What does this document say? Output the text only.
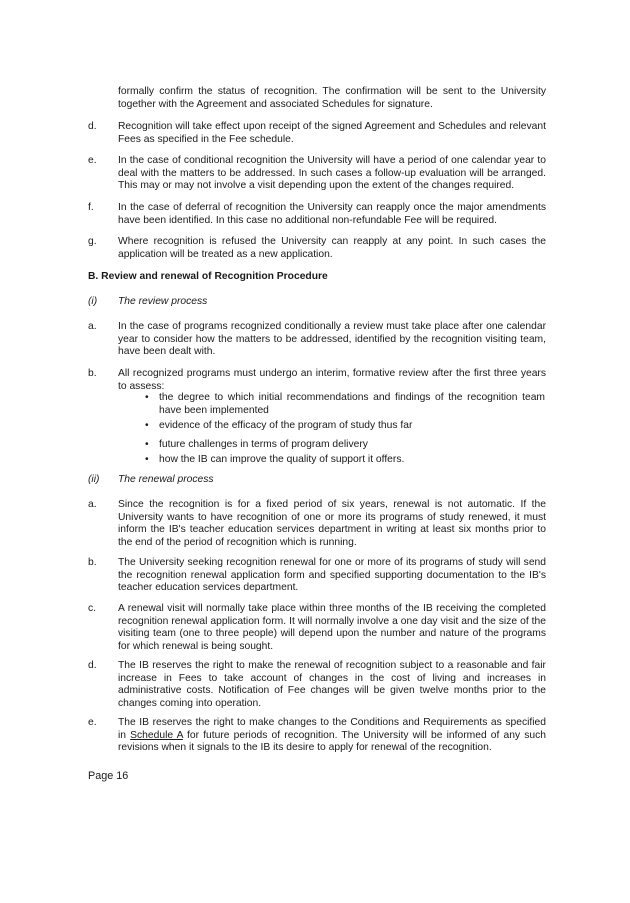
formally confirm the status of recognition. The confirmation will be sent to the University together with the Agreement and associated Schedules for signature.

d. Recognition will take effect upon receipt of the signed Agreement and Schedules and relevant Fees as specified in the Fee schedule.

e. In the case of conditional recognition the University will have a period of one calendar year to deal with the matters to be addressed. In such cases a follow-up evaluation will be arranged. This may or may not involve a visit depending upon the extent of the changes required.

f. In the case of deferral of recognition the University can reapply once the major amendments have been identified. In this case no additional non-refundable Fee will be required.

g. Where recognition is refused the University can reapply at any point. In such cases the application will be treated as a new application.

B. Review and renewal of Recognition Procedure

(i) The review process

a. In the case of programs recognized conditionally a review must take place after one calendar year to consider how the matters to be addressed, identified by the recognition visiting team, have been dealt with.

b. All recognized programs must undergo an interim, formative review after the first three years to assess:

• the degree to which initial recommendations and findings of the recognition team have been implemented
• evidence of the efficacy of the program of study thus far
• future challenges in terms of program delivery
• how the IB can improve the quality of support it offers.

(ii) The renewal process

a. Since the recognition is for a fixed period of six years, renewal is not automatic. If the University wants to have recognition of one or more its programs of study renewed, it must inform the IB's teacher education services department in writing at least six months prior to the end of the period of recognition which is running.

b. The University seeking recognition renewal for one or more of its programs of study will send the recognition renewal application form and specified supporting documentation to the IB's teacher education services department.

c. A renewal visit will normally take place within three months of the IB receiving the completed recognition renewal application form. It will normally involve a one day visit and the size of the visiting team (one to three people) will depend upon the number and nature of the programs for which renewal is being sought.

d. The IB reserves the right to make the renewal of recognition subject to a reasonable and fair increase in Fees to take account of changes in the cost of living and increases in administrative costs. Notification of Fee changes will be given twelve months prior to the changes coming into operation.

e. The IB reserves the right to make changes to the Conditions and Requirements as specified in Schedule A for future periods of recognition. The University will be informed of any such revisions when it signals to the IB its desire to apply for renewal of the recognition.

Page 16
